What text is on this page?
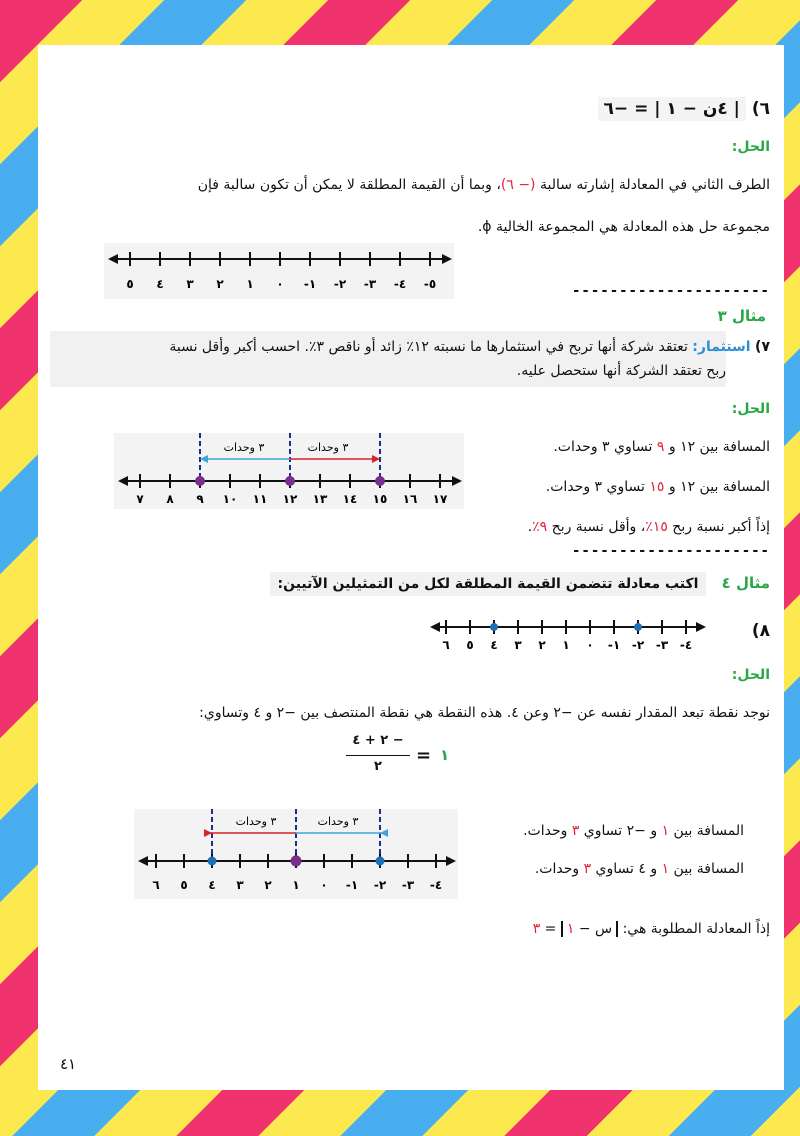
٦) | ٤ن − ١ | = −٦
الحل:
الطرف الثاني في المعادلة إشارته سالبة (− ٦)، وبما أن القيمة المطلقة لا يمكن أن تكون سالبة فإن
مجموعة حل هذه المعادلة هي المجموعة الخالية ϕ.
٥ ٤ ٣ ٢ ١ ٠ -١ -٢ -٣ -٤ -٥	---------------------
مثال ٣
٧) استثمار: تعتقد شركة أنها تربح في استثمارها ما نسبته ١٢٪ زائد أو ناقص ٣٪. احسب أكبر وأقل نسبة
ربح تعتقد الشركة أنها ستحصل عليه.
الحل:
المسافة بين ١٢ و ٩ تساوي ٣ وحدات.
المسافة بين ١٢ و ١٥ تساوي ٣ وحدات.
إذاً أكبر نسبة ربح ١٥٪، وأقل نسبة ربح ٩٪.
٧ ٨ ٩ ١٠ ١١ ١٢ ١٣ ١٤ ١٥ ١٦ ١٧
٣ وحدات	٣ وحدات
---------------------
مثال ٤ اكتب معادلة تتضمن القيمة المطلقة لكل من التمثيلين الآتيين:
٨)
٦ ٥ ٤ ٣ ٢ ١ ٠ -١ -٢ -٣ -٤
الحل:
نوجد نقطة تبعد المقدار نفسه عن −٢ وعن ٤. هذه النقطة هي نقطة المنتصف بين −٢ و ٤ وتساوي:
− ٢ + ٤
٢
= ١
٦ ٥ ٤ ٣ ٢ ١ ٠ -١ -٢ -٣ -٤
٣ وحدات	٣ وحدات
المسافة بين ١ و −٢ تساوي ٣ وحدات.
المسافة بين ١ و ٤ تساوي ٣ وحدات.
إذاً المعادلة المطلوبة هي: س − ١ = ٣
٤١
